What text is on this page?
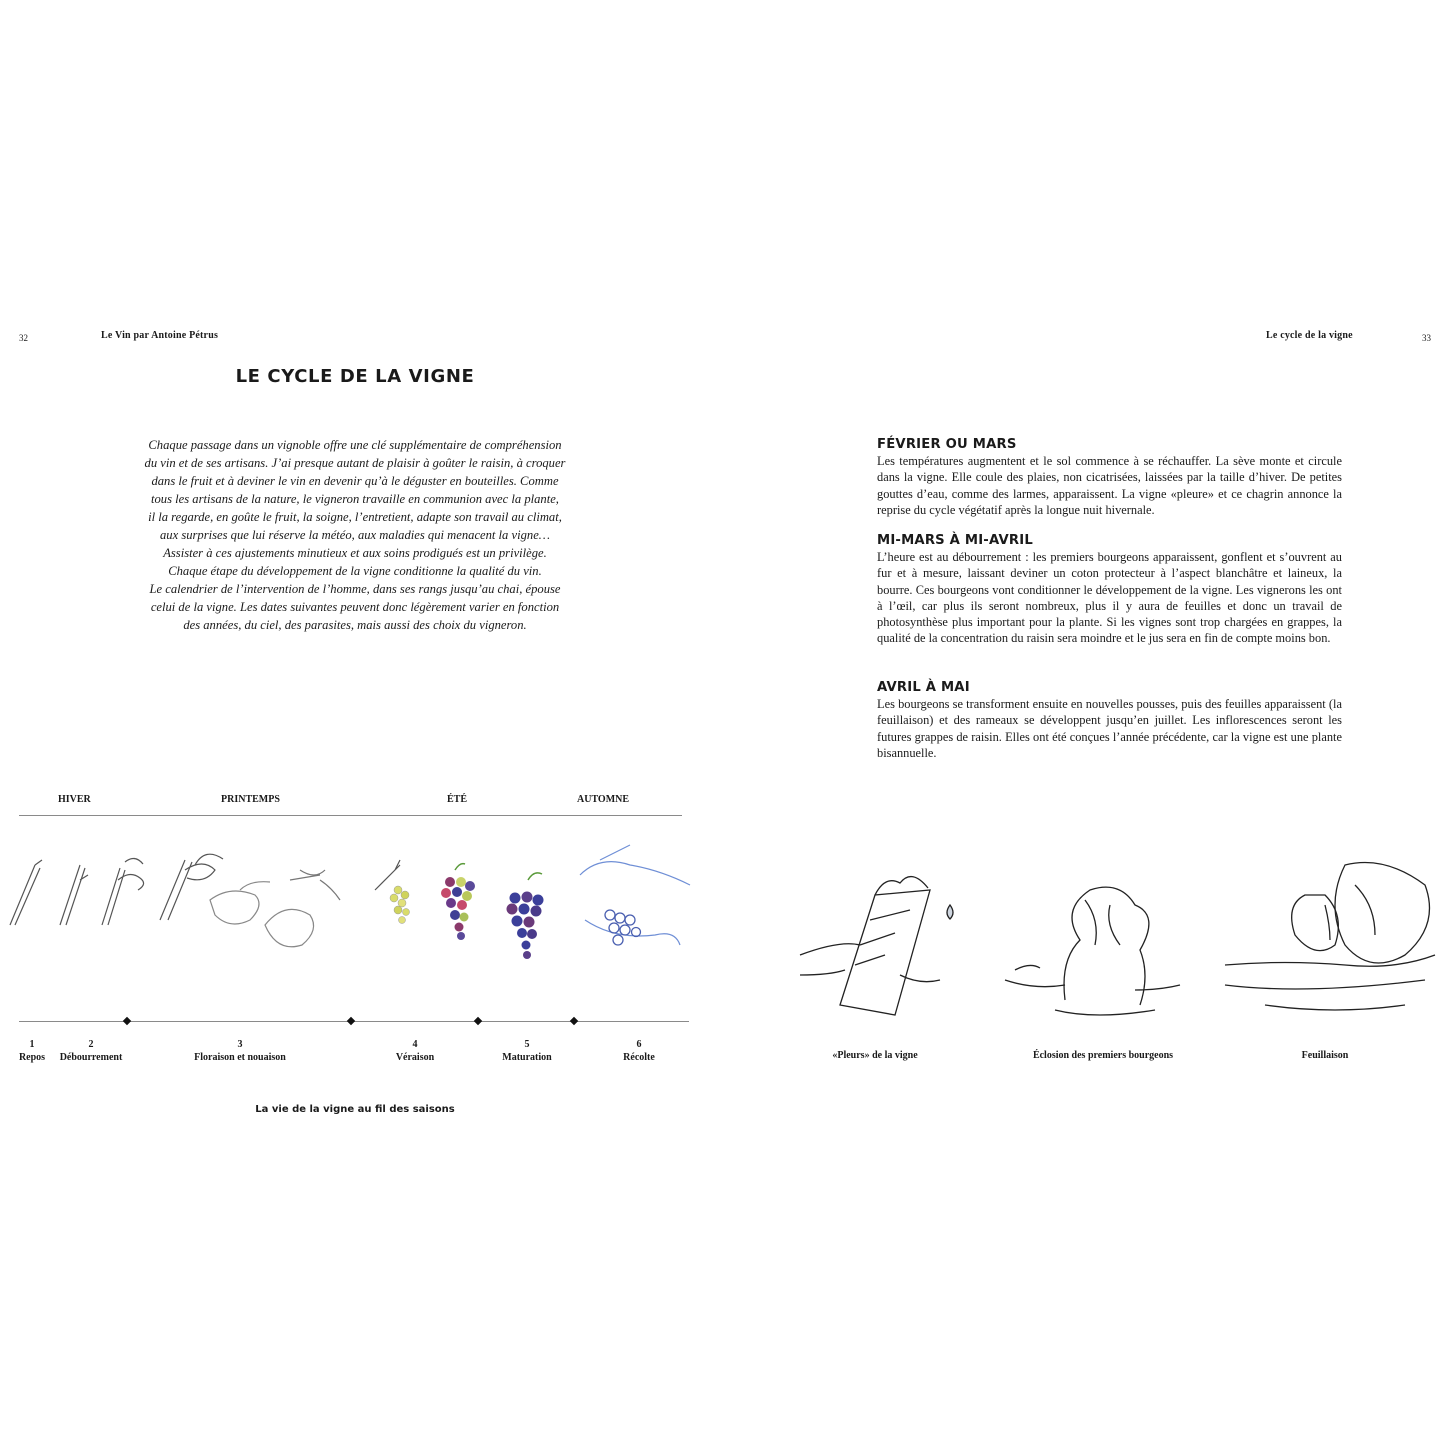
32	Le Vin par Antoine Pétrus
LE CYCLE DE LA VIGNE
Chaque passage dans un vignoble offre une clé supplémentaire de compréhension
du vin et de ses artisans. J’ai presque autant de plaisir à goûter le raisin, à croquer
dans le fruit et à deviner le vin en devenir qu’à le déguster en bouteilles. Comme
tous les artisans de la nature, le vigneron travaille en communion avec la plante,
il la regarde, en goûte le fruit, la soigne, l’entretient, adapte son travail au climat,
aux surprises que lui réserve la météo, aux maladies qui menacent la vigne…
Assister à ces ajustements minutieux et aux soins prodigués est un privilège.
Chaque étape du développement de la vigne conditionne la qualité du vin.
Le calendrier de l’intervention de l’homme, dans ses rangs jusqu’au chai, épouse
celui de la vigne. Les dates suivantes peuvent donc légèrement varier en fonction
des années, du ciel, des parasites, mais aussi des choix du vigneron.
HIVER	PRINTEMPS	ÉTÉ	AUTOMNE
1
Repos
2
Débourrement
3
Floraison et nouaison
4
Véraison
5
Maturation
6
Récolte
La vie de la vigne au fil des saisons
Le cycle de la vigne	33
FÉVRIER OU MARS

Les températures augmentent et le sol commence à se réchauffer. La sève monte et circule dans la vigne. Elle coule des plaies, non cicatrisées, laissées par la taille d’hiver. De petites gouttes d’eau, comme des larmes, apparaissent. La vigne «pleure» et ce chagrin annonce la reprise du cycle végétatif après la longue nuit hivernale.

MI-MARS À MI-AVRIL

L’heure est au débourrement : les premiers bourgeons apparaissent, gonflent et s’ouvrent au fur et à mesure, laissant deviner un coton protecteur à l’aspect blanchâtre et laineux, la bourre. Ces bourgeons vont conditionner le développement de la vigne. Les vignerons les ont à l’œil, car plus ils seront nombreux, plus il y aura de feuilles et donc un travail de photosynthèse plus important pour la plante. Si les vignes sont trop chargées en grappes, la qualité de la concentration du raisin sera moindre et le jus sera en fin de compte moins bon.

AVRIL À MAI

Les bourgeons se transforment ensuite en nouvelles pousses, puis des feuilles apparaissent (la feuillaison) et des rameaux se développent jusqu’en juillet. Les inflorescences seront les futures grappes de raisin. Elles ont été conçues l’année précédente, car la vigne est une plante bisannuelle.

«Pleurs» de la vigne	Éclosion des premiers bourgeons	Feuillaison
